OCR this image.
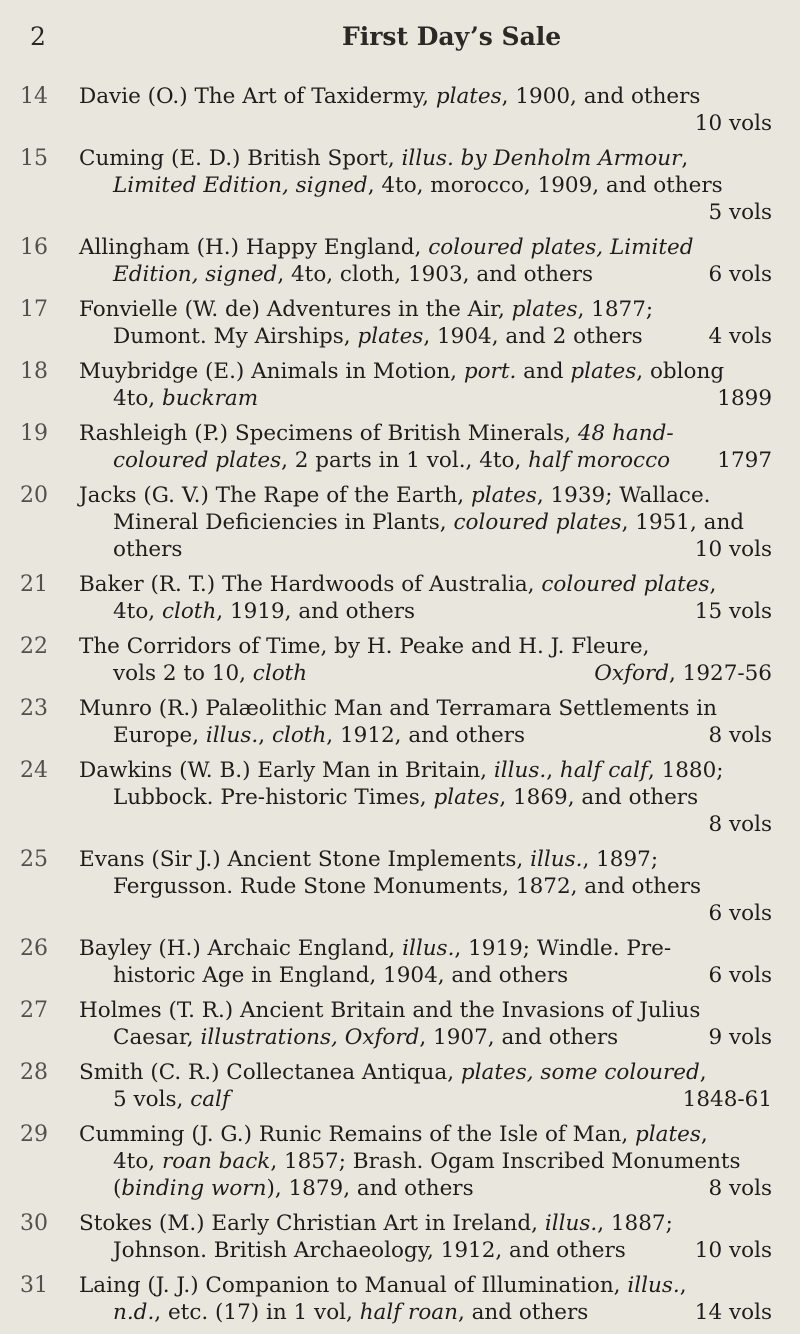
2	First Day’s Sale
14	Davie (O.) The Art of Taxidermy, plates, 1900, and others
10 vols
15	Cuming (E. D.) British Sport, illus. by Denholm Armour,
Limited Edition, signed, 4to, morocco, 1909, and others
5 vols
16	Allingham (H.) Happy England, coloured plates, Limited
Edition, signed, 4to, cloth, 1903, and others	6 vols
17	Fonvielle (W. de) Adventures in the Air, plates, 1877;
Dumont. My Airships, plates, 1904, and 2 others	4 vols
18	Muybridge (E.) Animals in Motion, port. and plates, oblong
4to, buckram	1899
19	Rashleigh (P.) Specimens of British Minerals, 48 hand-
coloured plates, 2 parts in 1 vol., 4to, half morocco 1797
20	Jacks (G. V.) The Rape of the Earth, plates, 1939; Wallace.
Mineral Deficiencies in Plants, coloured plates, 1951, and
others	10 vols
21	Baker (R. T.) The Hardwoods of Australia, coloured plates,
4to, cloth, 1919, and others	15 vols
22	The Corridors of Time, by H. Peake and H. J. Fleure,
vols 2 to 10, cloth	Oxford, 1927-56
23	Munro (R.) Palæolithic Man and Terramara Settlements in
Europe, illus., cloth, 1912, and others	8 vols
24	Dawkins (W. B.) Early Man in Britain, illus., half calf, 1880;
Lubbock. Pre-historic Times, plates, 1869, and others
8 vols
25	Evans (Sir J.) Ancient Stone Implements, illus., 1897;
Fergusson. Rude Stone Monuments, 1872, and others
6 vols
26	Bayley (H.) Archaic England, illus., 1919; Windle. Pre-
historic Age in England, 1904, and others	6 vols
27	Holmes (T. R.) Ancient Britain and the Invasions of Julius
Caesar, illustrations, Oxford, 1907, and others	9 vols
28	Smith (C. R.) Collectanea Antiqua, plates, some coloured,
5 vols, calf	1848-61
29	Cumming (J. G.) Runic Remains of the Isle of Man, plates,
4to, roan back, 1857; Brash. Ogam Inscribed Monuments
(binding worn), 1879, and others	8 vols
30	Stokes (M.) Early Christian Art in Ireland, illus., 1887;
Johnson. British Archaeology, 1912, and others	10 vols
31	Laing (J. J.) Companion to Manual of Illumination, illus.,
n.d., etc. (17) in 1 vol, half roan, and others	14 vols
